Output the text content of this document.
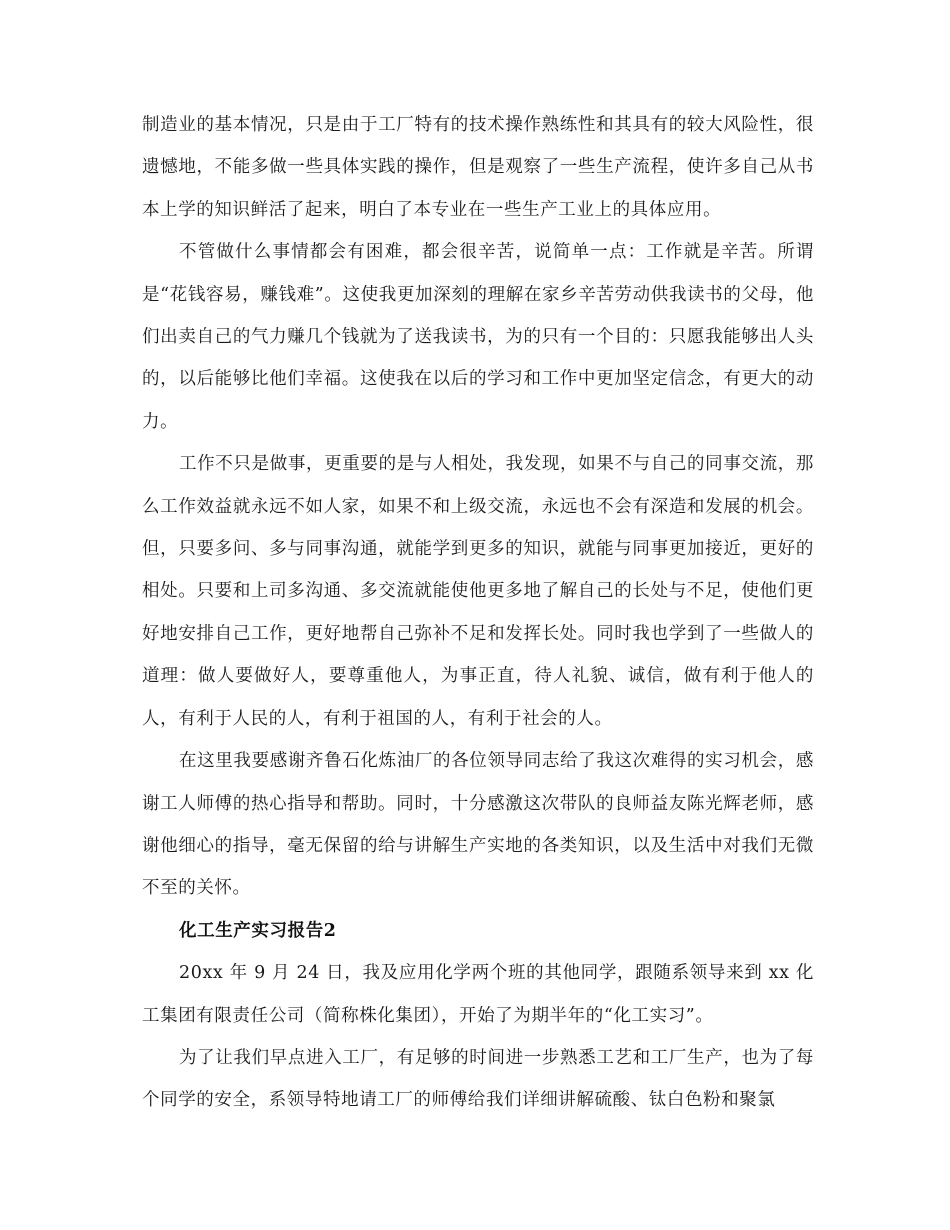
制造业的基本情况，只是由于工厂特有的技术操作熟练性和其具有的较大风险性，很遗憾地，不能多做一些具体实践的操作，但是观察了一些生产流程，使许多自己从书本上学的知识鲜活了起来，明白了本专业在一些生产工业上的具体应用。

不管做什么事情都会有困难，都会很辛苦，说简单一点：工作就是辛苦。所谓是“花钱容易，赚钱难”。这使我更加深刻的理解在家乡辛苦劳动供我读书的父母，他们出卖自己的气力赚几个钱就为了送我读书，为的只有一个目的：只愿我能够出人头的，以后能够比他们幸福。这使我在以后的学习和工作中更加坚定信念，有更大的动力。

工作不只是做事，更重要的是与人相处，我发现，如果不与自己的同事交流，那么工作效益就永远不如人家，如果不和上级交流，永远也不会有深造和发展的机会。但，只要多问、多与同事沟通，就能学到更多的知识，就能与同事更加接近，更好的相处。只要和上司多沟通、多交流就能使他更多地了解自己的长处与不足，使他们更好地安排自己工作，更好地帮自己弥补不足和发挥长处。同时我也学到了一些做人的道理：做人要做好人，要尊重他人，为事正直，待人礼貌、诚信，做有利于他人的人，有利于人民的人，有利于祖国的人，有利于社会的人。

在这里我要感谢齐鲁石化炼油厂的各位领导同志给了我这次难得的实习机会，感谢工人师傅的热心指导和帮助。同时，十分感激这次带队的良师益友陈光辉老师，感谢他细心的指导，毫无保留的给与讲解生产实地的各类知识，以及生活中对我们无微不至的关怀。

化工生产实习报告2

20xx 年 9 月 24 日，我及应用化学两个班的其他同学，跟随系领导来到 xx 化工集团有限责任公司（简称株化集团），开始了为期半年的“化工实习”。

为了让我们早点进入工厂，有足够的时间进一步熟悉工艺和工厂生产，也为了每个同学的安全，系领导特地请工厂的师傅给我们详细讲解硫酸、钛白色粉和聚氯
